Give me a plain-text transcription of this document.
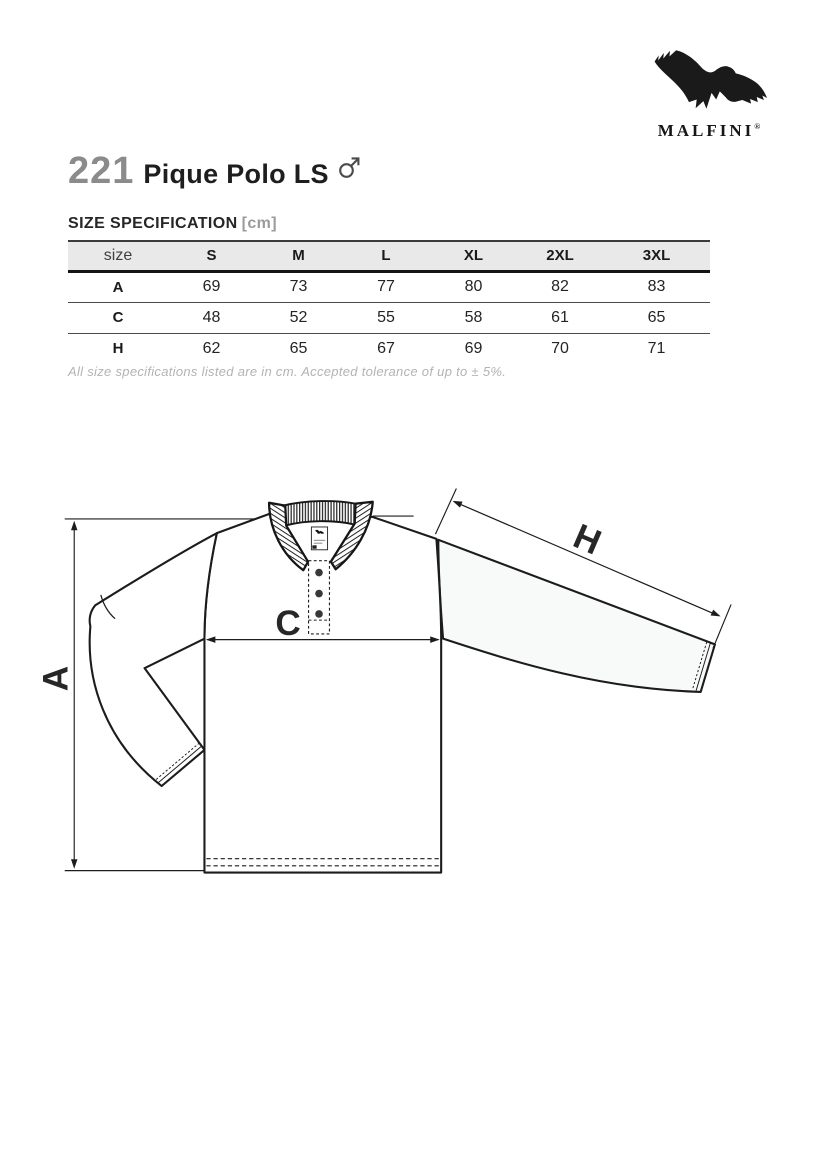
MALFINI®
221 Pique Polo LS
SIZE SPECIFICATION [cm]
size	S	M	L	XL	2XL	3XL
A	69	73	77	80	82	83
C	48	52	55	58	61	65
H	62	65	67	69	70	71
All size specifications listed are in cm. Accepted tolerance of up to ± 5%.
A
C
H
